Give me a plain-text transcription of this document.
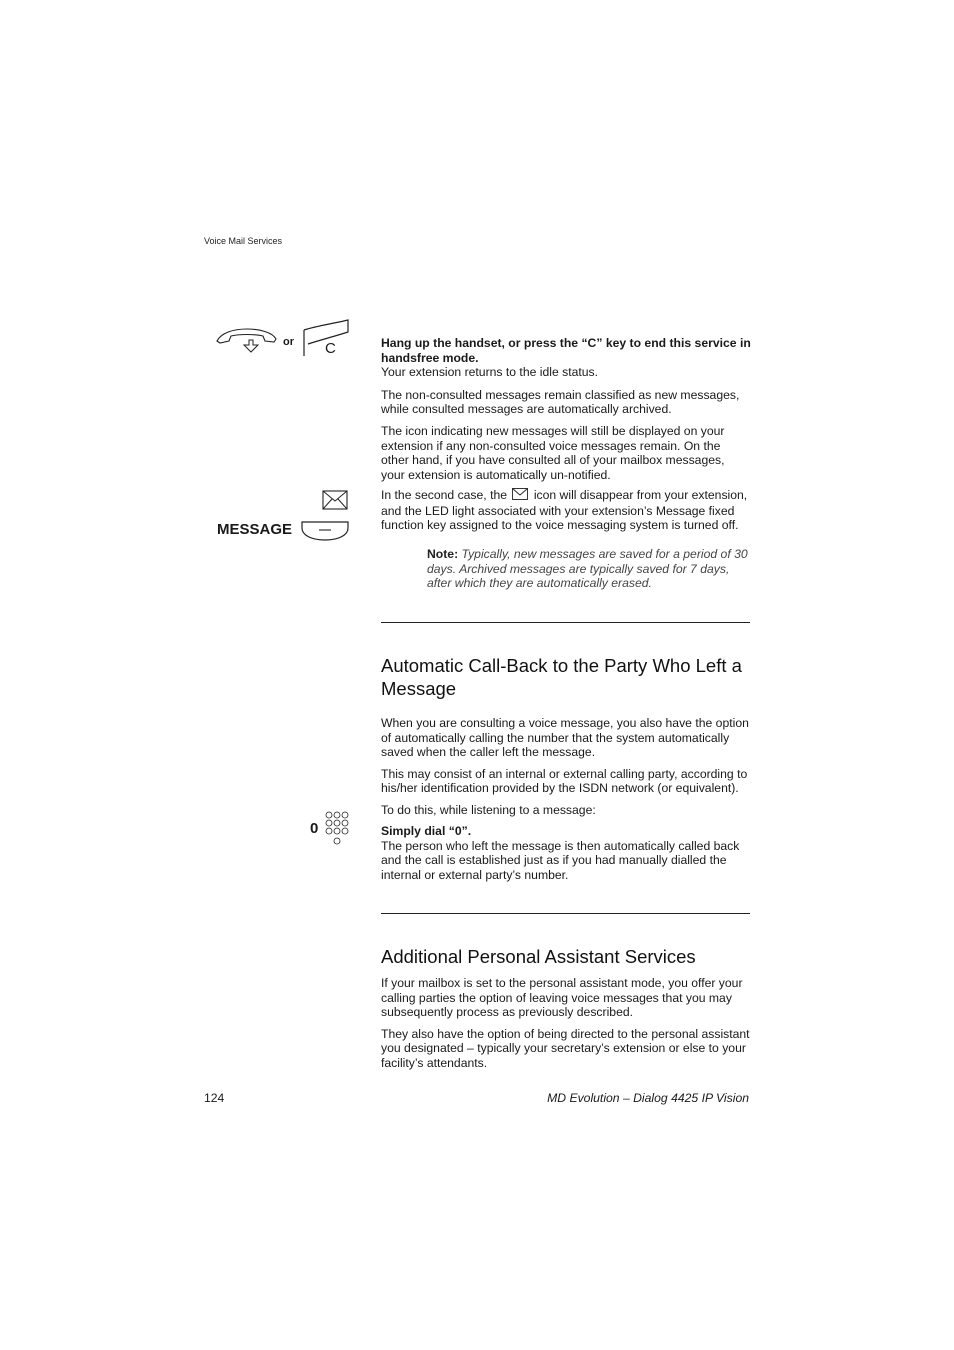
Voice Mail Services
or C	Hang up the handset, or press the “C” key to end this service in handsfree mode.

Your extension returns to the idle status.

The non-consulted messages remain classified as new messages, while consulted messages are automatically archived.

The icon indicating new messages will still be displayed on your extension if any non-consulted voice messages remain. On the other hand, if you have consulted all of your mailbox messages, your extension is automatically un-notified.

MESSAGE

In the second case, the icon will disappear from your extension, and the LED light associated with your extension’s Message fixed function key assigned to the voice messaging system is turned off.

Note: Typically, new messages are saved for a period of 30 days. Archived messages are typically saved for 7 days, after which they are automatically erased.
Automatic Call-Back to the Party Who Left a Message

When you are consulting a voice message, you also have the option of automatically calling the number that the system automatically saved when the caller left the message.

This may consist of an internal or external calling party, according to his/her identification provided by the ISDN network (or equivalent).

To do this, while listening to a message:

0	Simply dial “0”.

The person who left the message is then automatically called back and the call is established just as if you had manually dialled the internal or external party’s number.

Additional Personal Assistant Services

If your mailbox is set to the personal assistant mode, you offer your calling parties the option of leaving voice messages that you may subsequently process as previously described.

They also have the option of being directed to the personal assistant you designated – typically your secretary’s extension or else to your facility’s attendants.

124	MD Evolution – Dialog 4425 IP Vision
